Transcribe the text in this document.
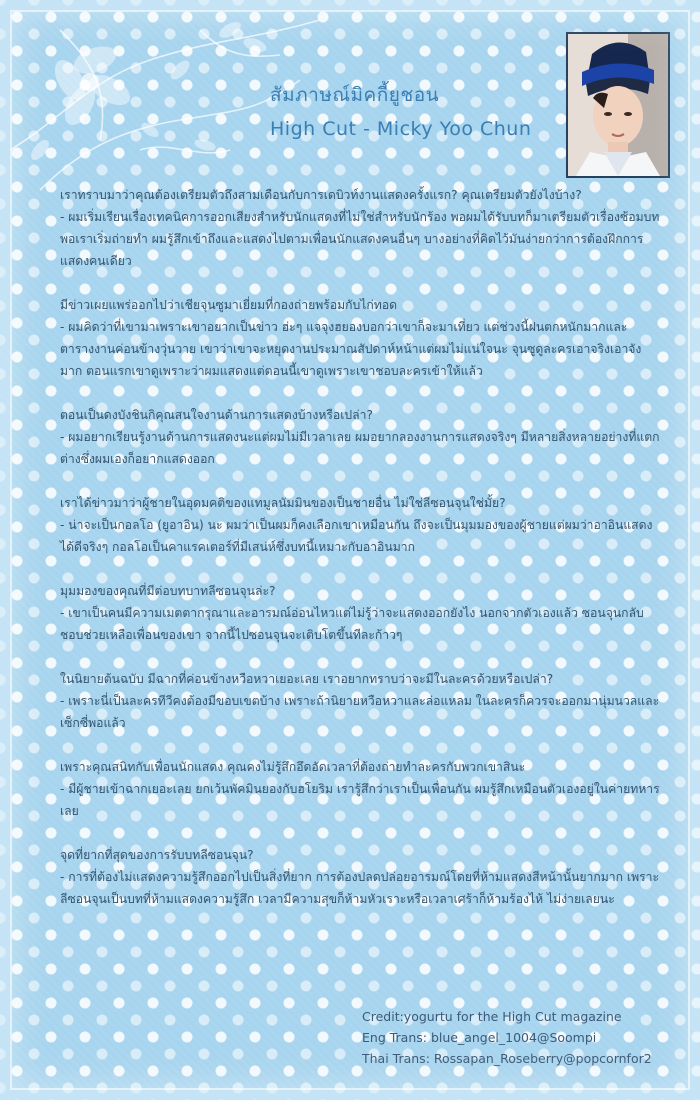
สัมภาษณ์มิคกี้ยูชอน
High Cut - Micky Yoo Chun

เราทราบมาว่าคุณต้องเตรียมตัวถึงสามเดือนกับการเดบิวท์งานแสดงครั้งแรก? คุณเตรียมตัวยังไงบ้าง?

- ผมเริ่มเรียนเรื่องเทคนิคการออกเสียงสำหรับนักแสดงที่ไม่ใช่สำหรับนักร้อง พอผมได้รับบทก็มาเตรียมตัวเรื่องซ้อมบท พอเราเริ่มถ่ายทำ ผมรู้สึกเข้าถึงและแสดงไปตามเพื่อนนักแสดงคนอื่นๆ บางอย่างที่คิดไว้มันง่ายกว่าการต้องฝึกการแสดงคนเดียว

มีข่าวเผยแพร่ออกไปว่าเชียจุนซูมาเยี่ยมที่กองถ่ายพร้อมกับไก่ทอด

- ผมคิดว่าที่เขามาเพราะเขาอยากเป็นข่าว ฮ่ะๆ แจจุงฮยองบอกว่าเขาก็จะมาเที่ยว แต่ช่วงนี้ฝนตกหนักมากและตารางงานค่อนข้างวุ่นวาย เขาว่าเขาจะหยุดงานประมาณสัปดาห์หน้าแต่ผมไม่แน่ใจนะ จุนซูดูละครเอาจริงเอาจังมาก ตอนแรกเขาดูเพราะว่าผมแสดงแต่ตอนนี้เขาดูเพราะเขาชอบละครเข้าให้แล้ว

ตอนเป็นดงบังชินกิคุณสนใจงานด้านการแสดงบ้างหรือเปล่า?

- ผมอยากเรียนรู้งานด้านการแสดงนะแต่ผมไม่มีเวลาเลย ผมอยากลองงานการแสดงจริงๆ มีหลายสิ่งหลายอย่างที่แตกต่างซึ่งผมเองก็อยากแสดงออก

เราได้ข่าวมาว่าผู้ชายในอุดมคติของแทมูลนัมมินของเป็นชายอื่น ไม่ใช่ลีซอนจุนใช่มั้ย?

- น่าจะเป็นกอลโอ (ยูอาอิน) นะ ผมว่าเป็นผมก็คงเลือกเขาเหมือนกัน ถึงจะเป็นมุมมองของผู้ชายแต่ผมว่าอาอินแสดงได้ดีจริงๆ กอลโอเป็นคาแรคเตอร์ที่มีเสน่ห์ซึ่งบทนี้เหมาะกับอาอินมาก

มุมมองของคุณที่มีต่อบทบาทลีซอนจุนล่ะ?

- เขาเป็นคนมีความเมตตากรุณาและอารมณ์อ่อนไหวแต่ไม่รู้ว่าจะแสดงออกยังไง นอกจากตัวเองแล้ว ซอนจุนกลับชอบช่วยเหลือเพื่อนของเขา จากนี้ไปซอนจุนจะเติบโตขึ้นทีละก้าวๆ

ในนิยายต้นฉบับ มีฉากที่ค่อนข้างหวือหวาเยอะเลย เราอยากทราบว่าจะมีในละครด้วยหรือเปล่า?

- เพราะนี่เป็นละครทีวีคงต้องมีขอบเขตบ้าง เพราะถ้านิยายหวือหวาและล่อแหลม ในละครก็ควรจะออกมานุ่มนวลและเซ็กซี่พอแล้ว

เพราะคุณสนิทกับเพื่อนนักแสดง คุณคงไม่รู้สึกอึดอัดเวลาที่ต้องถ่ายทำละครกับพวกเขาสินะ

- มีผู้ชายเข้าฉากเยอะเลย ยกเว้นพัคมินยองกับฮโยริม เรารู้สึกว่าเราเป็นเพื่อนกัน ผมรู้สึกเหมือนตัวเองอยู่ในค่ายทหารเลย

จุดที่ยากที่สุดของการรับบทลีซอนจุน?

- การที่ต้องไม่แสดงความรู้สึกออกไปเป็นสิ่งที่ยาก การต้องปลดปล่อยอารมณ์โดยที่ห้ามแสดงสีหน้านั้นยากมาก เพราะลีซอนจุนเป็นบทที่ห้ามแสดงความรู้สึก เวลามีความสุขก็ห้ามหัวเราะหรือเวลาเศร้าก็ห้ามร้องไห้ ไม่ง่ายเลยนะ

Credit:yogurtu for the High Cut magazine
Eng Trans: blue_angel_1004@Soompi
Thai Trans: Rossapan_Roseberry@popcornfor2
